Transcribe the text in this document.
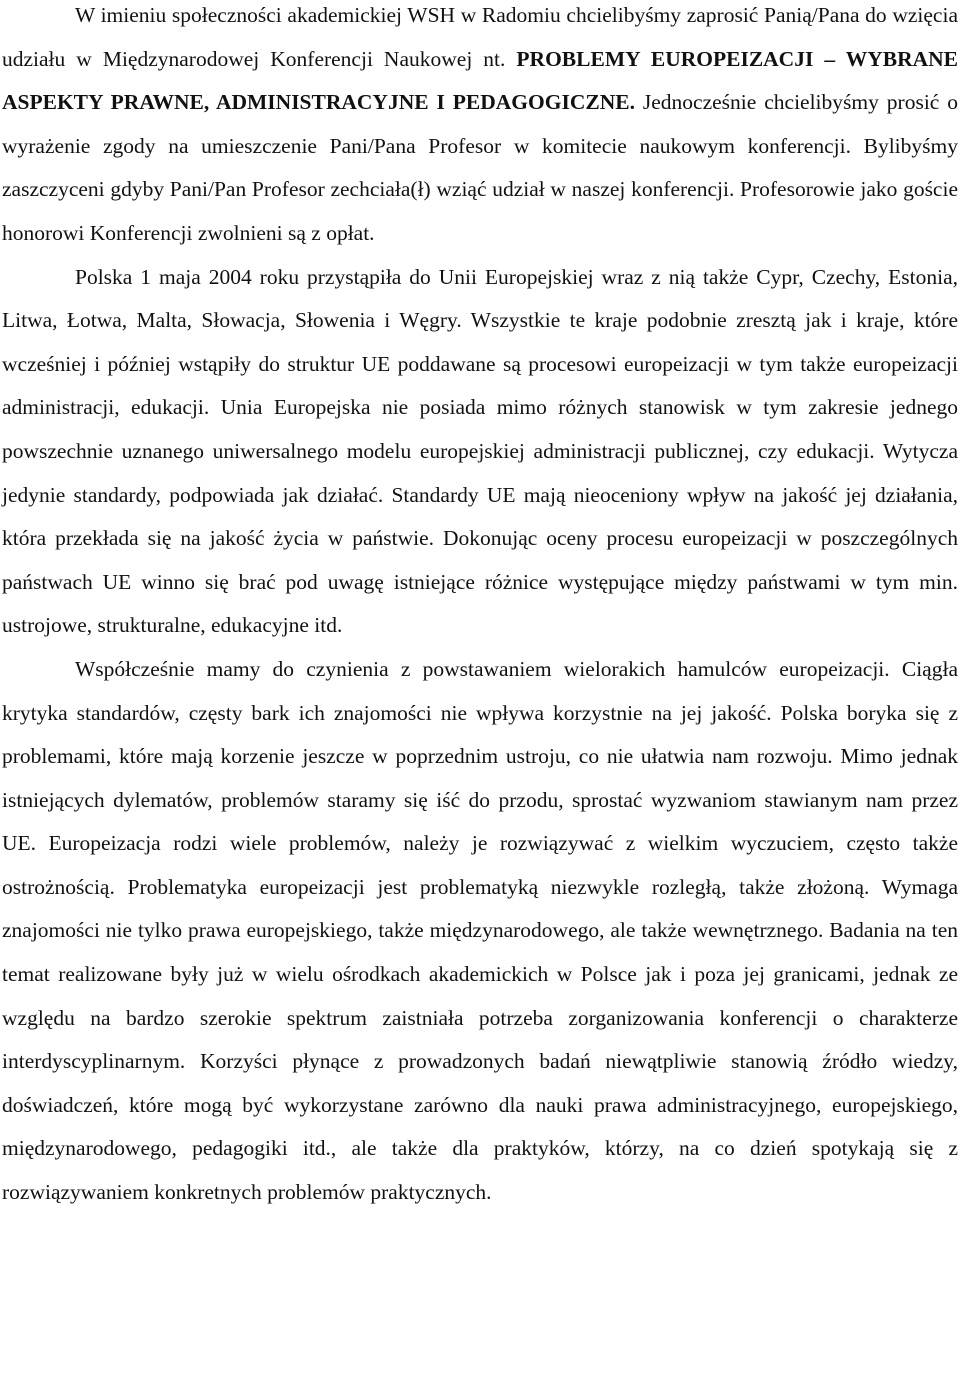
W imieniu społeczności akademickiej WSH w Radomiu chcielibyśmy zaprosić Panią/Pana do wzięcia udziału w Międzynarodowej Konferencji Naukowej nt. PROBLEMY EUROPEIZACJI – WYBRANE ASPEKTY PRAWNE, ADMINISTRACYJNE I PEDAGOGICZNE. Jednocześnie chcielibyśmy prosić o wyrażenie zgody na umieszczenie Pani/Pana Profesor w komitecie naukowym konferencji. Bylibyśmy zaszczyceni gdyby Pani/Pan Profesor zechciała(ł) wziąć udział w naszej konferencji. Profesorowie jako goście honorowi Konferencji zwolnieni są z opłat.

Polska 1 maja 2004 roku przystąpiła do Unii Europejskiej wraz z nią także Cypr, Czechy, Estonia, Litwa, Łotwa, Malta, Słowacja, Słowenia i Węgry. Wszystkie te kraje podobnie zresztą jak i kraje, które wcześniej i później wstąpiły do struktur UE poddawane są procesowi europeizacji w tym także europeizacji administracji, edukacji. Unia Europejska nie posiada mimo różnych stanowisk w tym zakresie jednego powszechnie uznanego uniwersalnego modelu europejskiej administracji publicznej, czy edukacji. Wytycza jedynie standardy, podpowiada jak działać. Standardy UE mają nieoceniony wpływ na jakość jej działania, która przekłada się na jakość życia w państwie. Dokonując oceny procesu europeizacji w poszczególnych państwach UE winno się brać pod uwagę istniejące różnice występujące między państwami w tym min. ustrojowe, strukturalne, edukacyjne itd.

Współcześnie mamy do czynienia z powstawaniem wielorakich hamulców europeizacji. Ciągła krytyka standardów, częsty bark ich znajomości nie wpływa korzystnie na jej jakość. Polska boryka się z problemami, które mają korzenie jeszcze w poprzednim ustroju, co nie ułatwia nam rozwoju. Mimo jednak istniejących dylematów, problemów staramy się iść do przodu, sprostać wyzwaniom stawianym nam przez UE. Europeizacja rodzi wiele problemów, należy je rozwiązywać z wielkim wyczuciem, często także ostrożnością. Problematyka europeizacji jest problematyką niezwykle rozległą, także złożoną. Wymaga znajomości nie tylko prawa europejskiego, także międzynarodowego, ale także wewnętrznego. Badania na ten temat realizowane były już w wielu ośrodkach akademickich w Polsce jak i poza jej granicami, jednak ze względu na bardzo szerokie spektrum zaistniała potrzeba zorganizowania konferencji o charakterze interdyscyplinarnym. Korzyści płynące z prowadzonych badań niewątpliwie stanowią źródło wiedzy, doświadczeń, które mogą być wykorzystane zarówno dla nauki prawa administracyjnego, europejskiego, międzynarodowego, pedagogiki itd., ale także dla praktyków, którzy, na co dzień spotykają się z rozwiązywaniem konkretnych problemów praktycznych.
